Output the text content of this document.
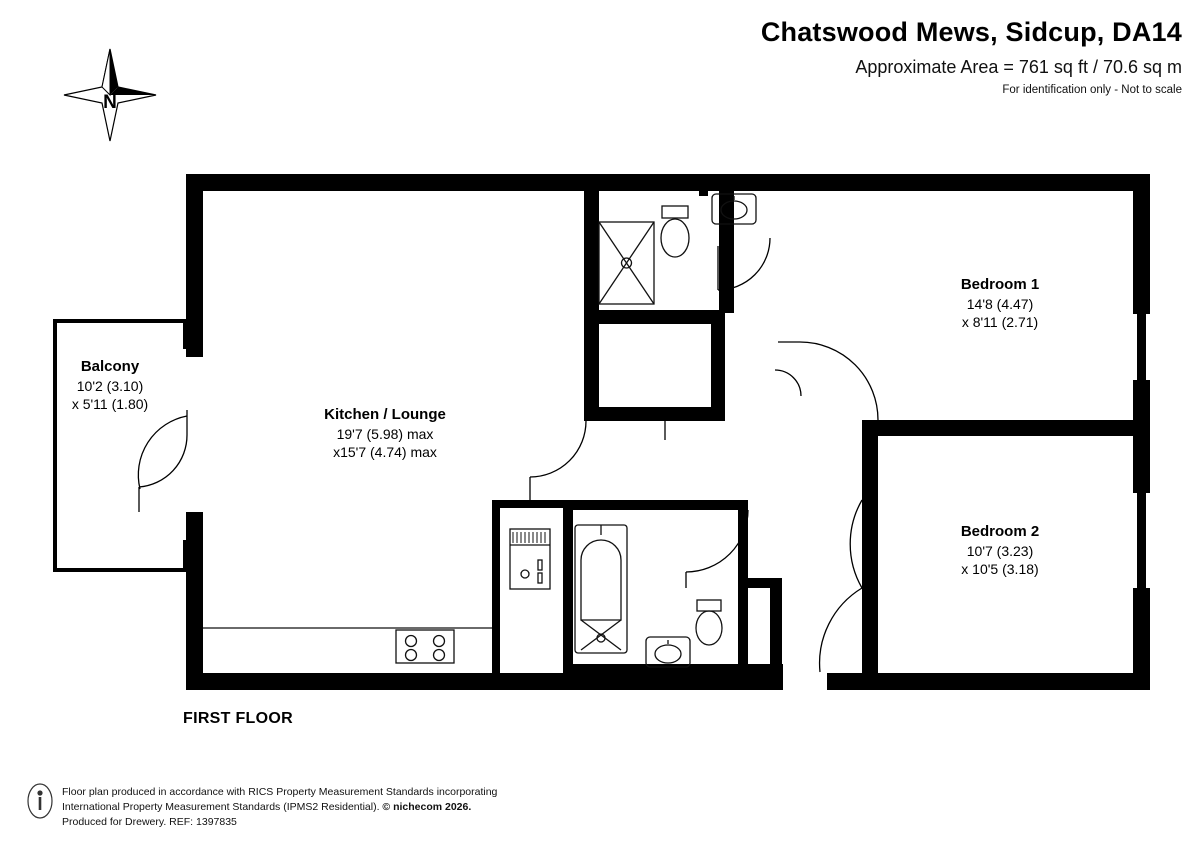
Chatswood Mews, Sidcup, DA14
Approximate Area = 761 sq ft / 70.6 sq m
For identification only - Not to scale
N
Balcony
10'2 (3.10)
x 5'11 (1.80)
Kitchen / Lounge
19'7 (5.98) max
x15'7 (4.74) max
Bedroom 1
14'8 (4.47)
x 8'11 (2.71)
Bedroom 2
10'7 (3.23)
x 10'5 (3.18)
FIRST FLOOR
Floor plan produced in accordance with RICS Property Measurement Standards incorporating
International Property Measurement Standards (IPMS2 Residential). © nichecom 2026.
Produced for Drewery. REF: 1397835
